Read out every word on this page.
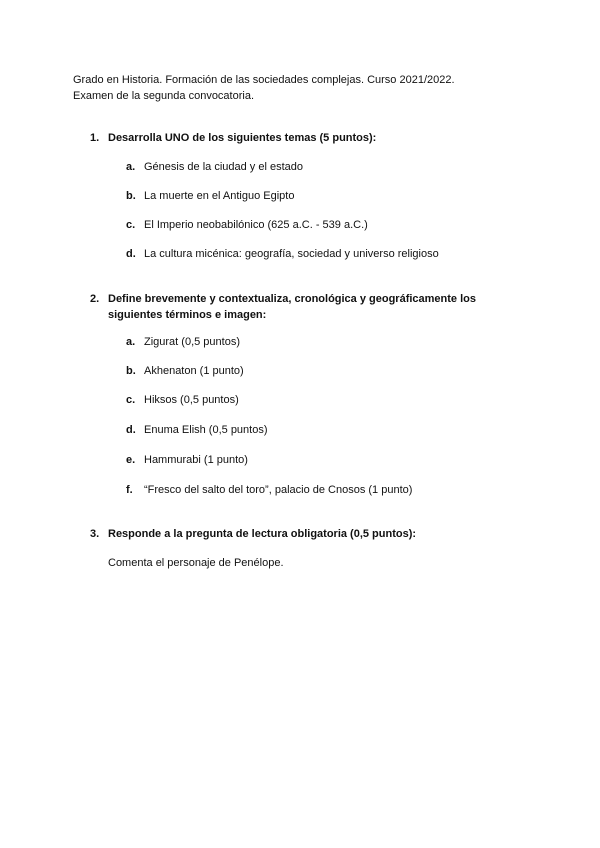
Grado en Historia. Formación de las sociedades complejas. Curso 2021/2022.
Examen de la segunda convocatoria.
1. Desarrolla UNO de los siguientes temas (5 puntos):
a. Génesis de la ciudad y el estado
b. La muerte en el Antiguo Egipto
c. El Imperio neobabilónico (625 a.C. - 539 a.C.)
d. La cultura micénica: geografía, sociedad y universo religioso
2. Define brevemente y contextualiza, cronológica y geográficamente los siguientes términos e imagen:
a. Zigurat (0,5 puntos)
b. Akhenaton (1 punto)
c. Hiksos (0,5 puntos)
d. Enuma Elish (0,5 puntos)
e. Hammurabi (1 punto)
f. “Fresco del salto del toro”, palacio de Cnosos (1 punto)
3. Responde a la pregunta de lectura obligatoria (0,5 puntos):
Comenta el personaje de Penélope.
